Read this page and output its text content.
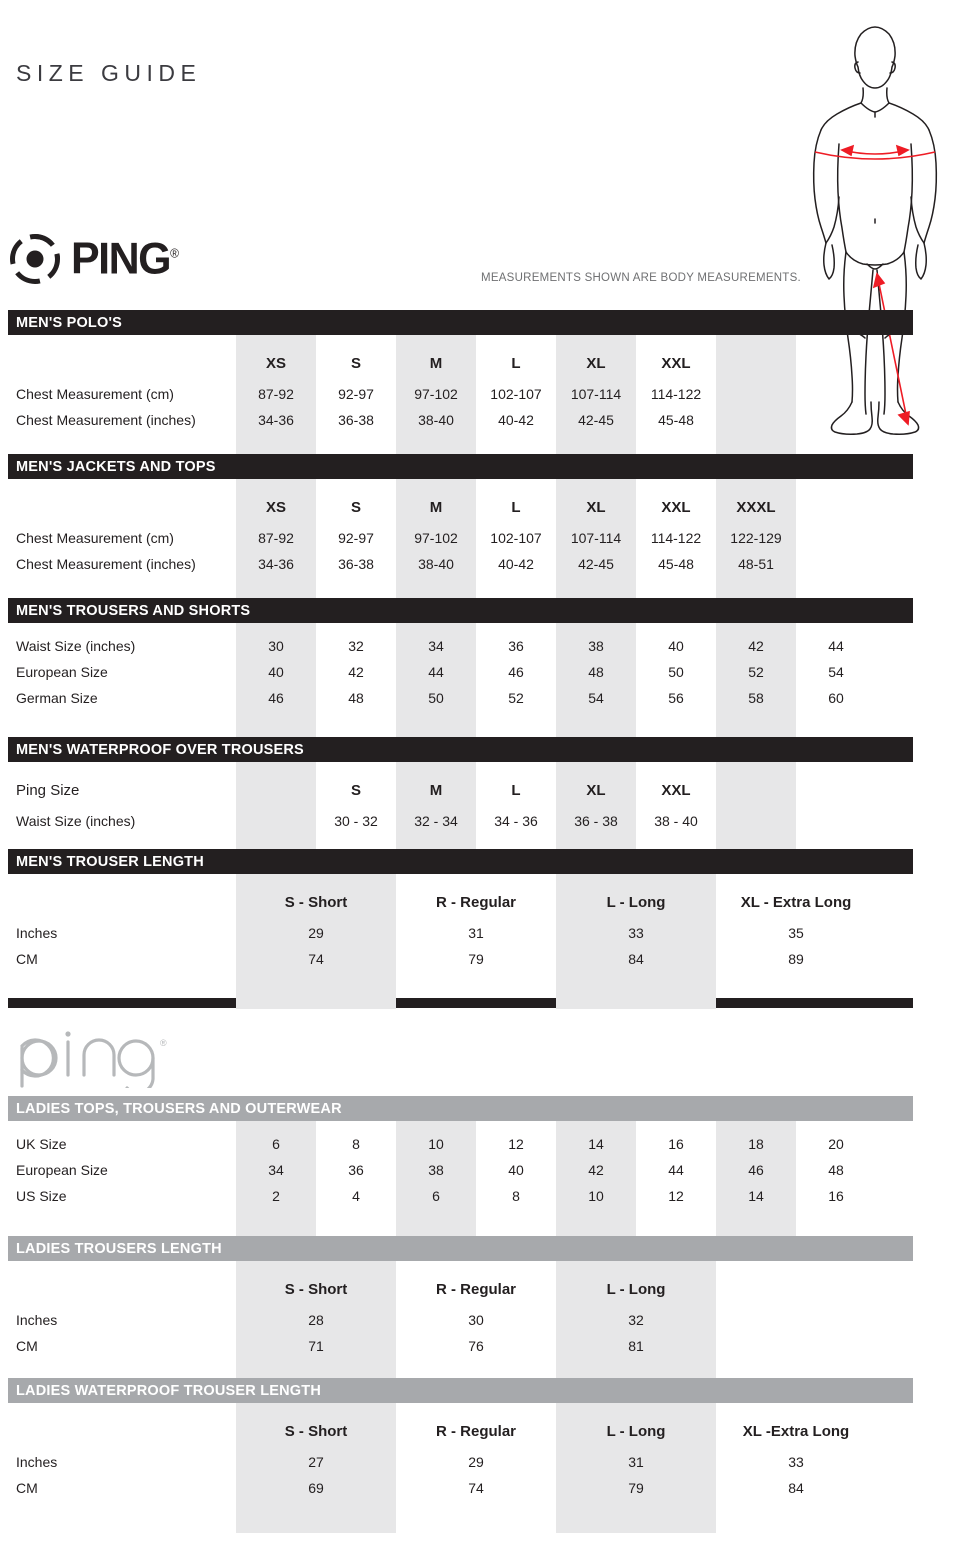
SIZE GUIDE
PING®
MEASUREMENTS SHOWN ARE BODY MEASUREMENTS.
®
MEN'S POLO'S
XS	S	M	L	XL	XXL
Chest Measurement (cm)	87-92	92-97	97-102	102-107	107-114	114-122
Chest Measurement (inches)	34-36	36-38	38-40	40-42	42-45	45-48
MEN'S JACKETS AND TOPS
XS	S	M	L	XL	XXL	XXXL
Chest Measurement (cm)	87-92	92-97	97-102	102-107	107-114	114-122	122-129
Chest Measurement (inches)	34-36	36-38	38-40	40-42	42-45	45-48	48-51
MEN'S TROUSERS AND SHORTS
Waist Size (inches)	30	32	34	36	38	40	42	44
European Size	40	42	44	46	48	50	52	54
German Size	46	48	50	52	54	56	58	60
MEN'S WATERPROOF OVER TROUSERS
Ping Size	S	M	L	XL	XXL
Waist Size (inches)	30 - 32	32 - 34	34 - 36	36 - 38	38 - 40
MEN'S TROUSER LENGTH
S - Short	R - Regular	L - Long	XL - Extra Long
Inches	29	31	33	35
CM	74	79	84	89
LADIES TOPS, TROUSERS AND OUTERWEAR
UK Size	6	8	10	12	14	16	18	20
European Size	34	36	38	40	42	44	46	48
US Size	2	4	6	8	10	12	14	16
LADIES TROUSERS LENGTH
S - Short	R - Regular	L - Long
Inches	28	30	32
CM	71	76	81
LADIES WATERPROOF TROUSER LENGTH
S - Short	R - Regular	L - Long	XL -Extra Long
Inches	27	29	31	33
CM	69	74	79	84
